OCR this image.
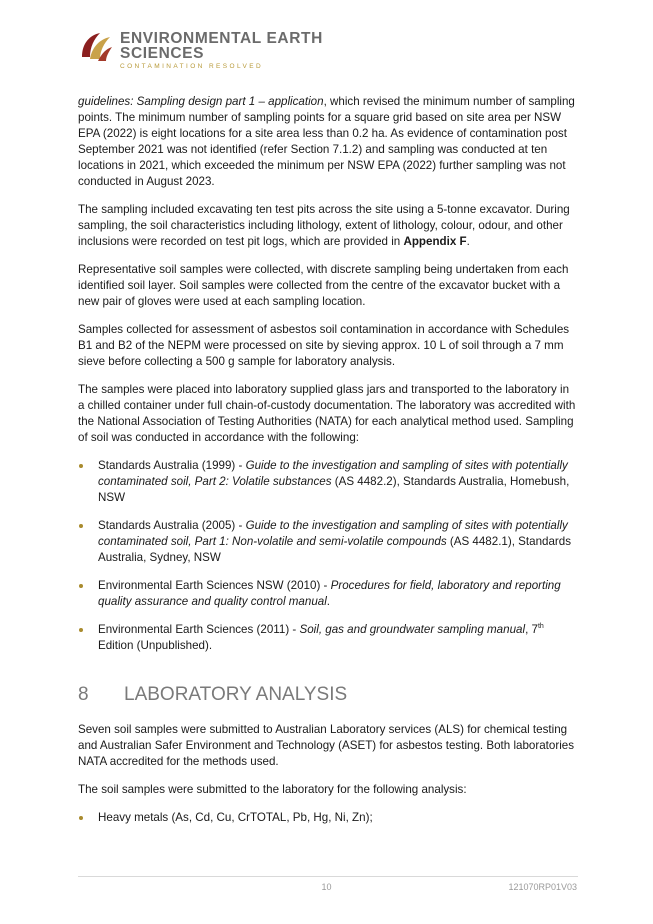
ENVIRONMENTAL EARTH
SCIENCES
CONTAMINATION RESOLVED

guidelines: Sampling design part 1 – application, which revised the minimum number of sampling points. The minimum number of sampling points for a square grid based on site area per NSW EPA (2022) is eight locations for a site area less than 0.2 ha. As evidence of contamination post September 2021 was not identified (refer Section 7.1.2) and sampling was conducted at ten locations in 2021, which exceeded the minimum per NSW EPA (2022) further sampling was not conducted in August 2023.

The sampling included excavating ten test pits across the site using a 5-tonne excavator. During sampling, the soil characteristics including lithology, extent of lithology, colour, odour, and other inclusions were recorded on test pit logs, which are provided in Appendix F.

Representative soil samples were collected, with discrete sampling being undertaken from each identified soil layer. Soil samples were collected from the centre of the excavator bucket with a new pair of gloves were used at each sampling location.

Samples collected for assessment of asbestos soil contamination in accordance with Schedules B1 and B2 of the NEPM were processed on site by sieving approx. 10 L of soil through a 7 mm sieve before collecting a 500 g sample for laboratory analysis.

The samples were placed into laboratory supplied glass jars and transported to the laboratory in a chilled container under full chain-of-custody documentation. The laboratory was accredited with the National Association of Testing Authorities (NATA) for each analytical method used. Sampling of soil was conducted in accordance with the following:

Standards Australia (1999) - Guide to the investigation and sampling of sites with potentially contaminated soil, Part 2: Volatile substances (AS 4482.2), Standards Australia, Homebush, NSW
Standards Australia (2005) - Guide to the investigation and sampling of sites with potentially contaminated soil, Part 1: Non-volatile and semi-volatile compounds (AS 4482.1), Standards Australia, Sydney, NSW
Environmental Earth Sciences NSW (2010) - Procedures for field, laboratory and reporting quality assurance and quality control manual.
Environmental Earth Sciences (2011) - Soil, gas and groundwater sampling manual, 7th Edition (Unpublished).
8	LABORATORY ANALYSIS

Seven soil samples were submitted to Australian Laboratory services (ALS) for chemical testing and Australian Safer Environment and Technology (ASET) for asbestos testing. Both laboratories NATA accredited for the methods used.

The soil samples were submitted to the laboratory for the following analysis:

Heavy metals (As, Cd, Cu, CrTOTAL, Pb, Hg, Ni, Zn);
10	121070RP01V03
